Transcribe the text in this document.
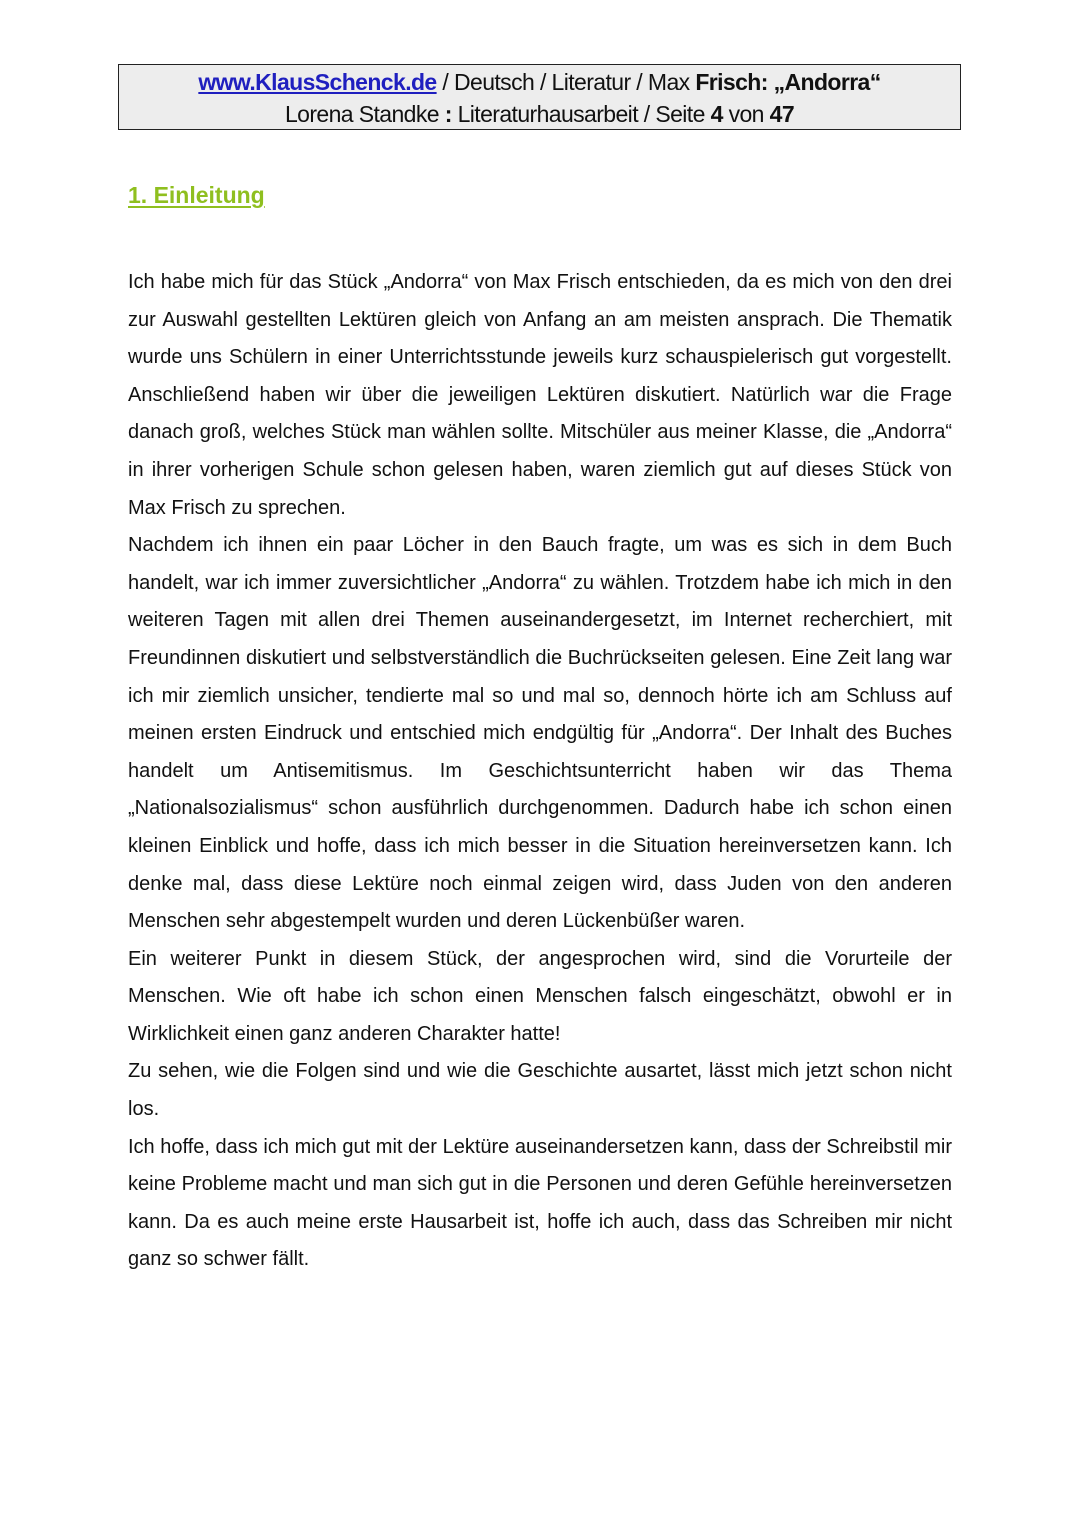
www.KlausSchenck.de / Deutsch / Literatur / Max Frisch: „Andorra“
Lorena Standke : Literaturhausarbeit / Seite 4 von 47
1. Einleitung

Ich habe mich für das Stück „Andorra“ von Max Frisch entschieden, da es mich von den drei zur Auswahl gestellten Lektüren gleich von Anfang an am meisten ansprach. Die Thematik wurde uns Schülern in einer Unterrichtsstunde jeweils kurz schauspielerisch gut vorgestellt. Anschließend haben wir über die jeweiligen Lektüren diskutiert. Natürlich war die Frage danach groß, welches Stück man wählen sollte. Mitschüler aus meiner Klasse, die „Andorra“ in ihrer vorherigen Schule schon gelesen haben, waren ziemlich gut auf dieses Stück von Max Frisch zu sprechen.

Nachdem ich ihnen ein paar Löcher in den Bauch fragte, um was es sich in dem Buch handelt, war ich immer zuversichtlicher „Andorra“ zu wählen. Trotzdem habe ich mich in den weiteren Tagen mit allen drei Themen auseinandergesetzt, im Internet recherchiert, mit Freundinnen diskutiert und selbstverständlich die Buchrückseiten gelesen. Eine Zeit lang war ich mir ziemlich unsicher, tendierte mal so und mal so, dennoch hörte ich am Schluss auf meinen ersten Eindruck und entschied mich endgültig für „Andorra“. Der Inhalt des Buches handelt um Antisemitismus. Im Geschichtsunterricht haben wir das Thema „Nationalsozialismus“ schon ausführlich durchgenommen. Dadurch habe ich schon einen kleinen Einblick und hoffe, dass ich mich besser in die Situation hereinversetzen kann. Ich denke mal, dass diese Lektüre noch einmal zeigen wird, dass Juden von den anderen Menschen sehr abgestempelt wurden und deren Lückenbüßer waren.

Ein weiterer Punkt in diesem Stück, der angesprochen wird, sind die Vorurteile der Menschen. Wie oft habe ich schon einen Menschen falsch eingeschätzt, obwohl er in Wirklichkeit einen ganz anderen Charakter hatte!

Zu sehen, wie die Folgen sind und wie die Geschichte ausartet, lässt mich jetzt schon nicht los.

Ich hoffe, dass ich mich gut mit der Lektüre auseinandersetzen kann, dass der Schreibstil mir keine Probleme macht und man sich gut in die Personen und deren Gefühle hereinversetzen kann. Da es auch meine erste Hausarbeit ist, hoffe ich auch, dass das Schreiben mir nicht ganz so schwer fällt.
